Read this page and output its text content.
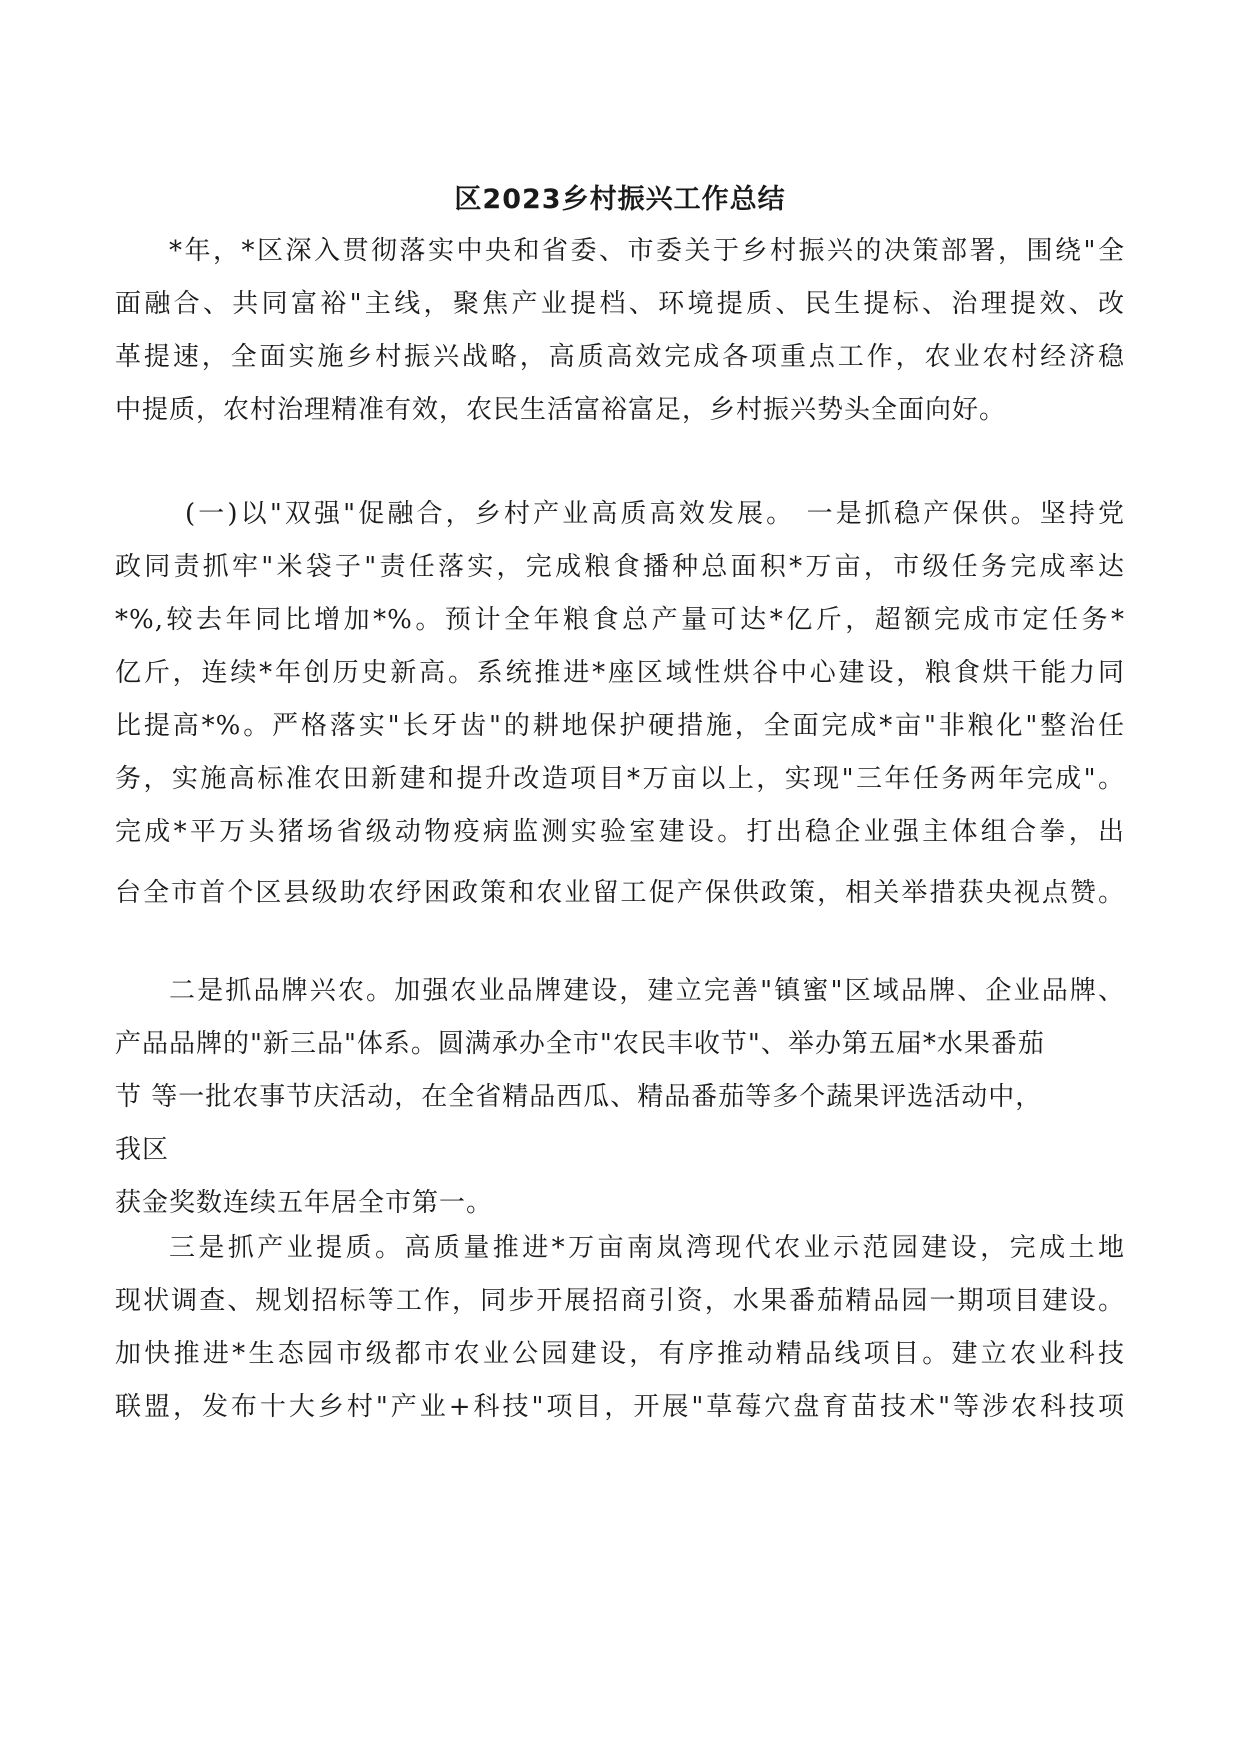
区2023乡村振兴工作总结
*年，*区深入贯彻落实中央和省委、市委关于乡村振兴的决策部署，围绕"全
面融合、共同富裕"主线，聚焦产业提档、环境提质、民生提标、治理提效、改
革提速，全面实施乡村振兴战略，高质高效完成各项重点工作，农业农村经济稳
中提质，农村治理精准有效，农民生活富裕富足，乡村振兴势头全面向好。
(一)以"双强"促融合，乡村产业高质高效发展。 一是抓稳产保供。坚持党
政同责抓牢"米袋子"责任落实，完成粮食播种总面积*万亩，市级任务完成率达
*%,较去年同比增加*%。预计全年粮食总产量可达*亿斤，超额完成市定任务*
亿斤，连续*年创历史新高。系统推进*座区域性烘谷中心建设，粮食烘干能力同
比提高*%。严格落实"长牙齿"的耕地保护硬措施，全面完成*亩"非粮化"整治任
务，实施高标准农田新建和提升改造项目*万亩以上，实现"三年任务两年完成"。
完成*平万头猪场省级动物疫病监测实验室建设。打出稳企业强主体组合拳，出
台全市首个区县级助农纾困政策和农业留工促产保供政策，相关举措获央视点赞。
二是抓品牌兴农。加强农业品牌建设，建立完善"镇蜜"区域品牌、企业品牌、
产品品牌的"新三品"体系。圆满承办全市"农民丰收节"、举办第五届*水果番茄
节 等一批农事节庆活动，在全省精品西瓜、精品番茄等多个蔬果评选活动中，
我区
获金奖数连续五年居全市第一。
三是抓产业提质。高质量推进*万亩南岚湾现代农业示范园建设，完成土地
现状调查、规划招标等工作，同步开展招商引资，水果番茄精品园一期项目建设。
加快推进*生态园市级都市农业公园建设，有序推动精品线项目。建立农业科技
联盟，发布十大乡村"产业+科技"项目，开展"草莓穴盘育苗技术"等涉农科技项
